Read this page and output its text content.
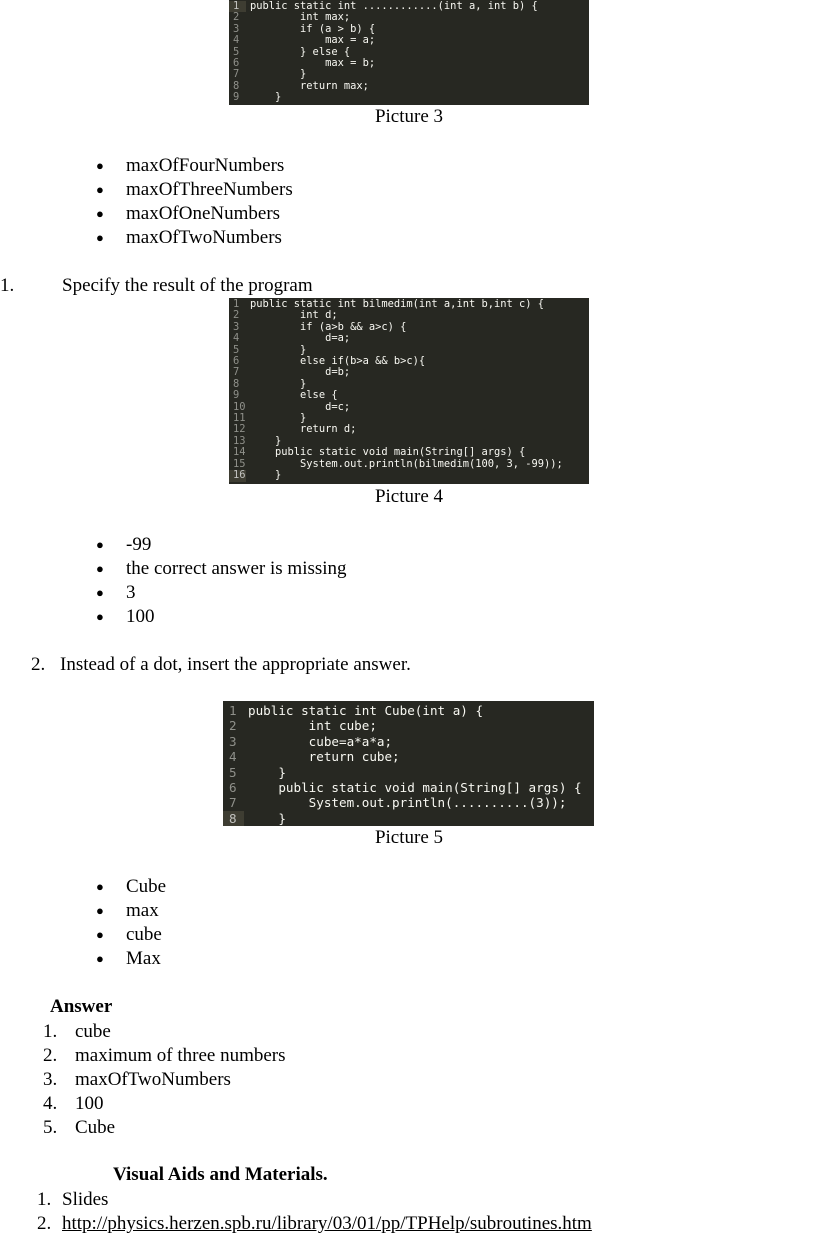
1	public static int ............(int a, int b) {
2	int max;
3	if (a > b) {
4	max = a;
5	} else {
6	max = b;
7	}
8	return max;
9	}
Picture 3
● maxOfFourNumbers
● maxOfThreeNumbers
● maxOfOneNumbers
● maxOfTwoNumbers
1.	Specify the result of the program
1	public static int bilmedim(int a,int b,int c) {
2	int d;
3	if (a>b && a>c) {
4	d=a;
5	}
6	else if(b>a && b>c){
7	d=b;
8	}
9	else {
10 d=c;
11 }
12 return d;
13 }
14 public static void main(String[] args) {
15 System.out.println(bilmedim(100, 3, -99));
16 }
Picture 4
● -99
● the correct answer is missing
● 3
● 100
2. Instead of a dot, insert the appropriate answer.
1 public static int Cube(int a) {
2 int cube;
3 cube=a*a*a;
4 return cube;
5 }
6 public static void main(String[] args) {
7 System.out.println(..........(3));
8 }
Picture 5
● Cube
● max
● cube
● Max
Answer
1. cube
2. maximum of three numbers
3. maxOfTwoNumbers
4. 100
5. Cube
Visual Aids and Materials.
1. Slides
2. http://physics.herzen.spb.ru/library/03/01/pp/TPHelp/subroutines.htm
